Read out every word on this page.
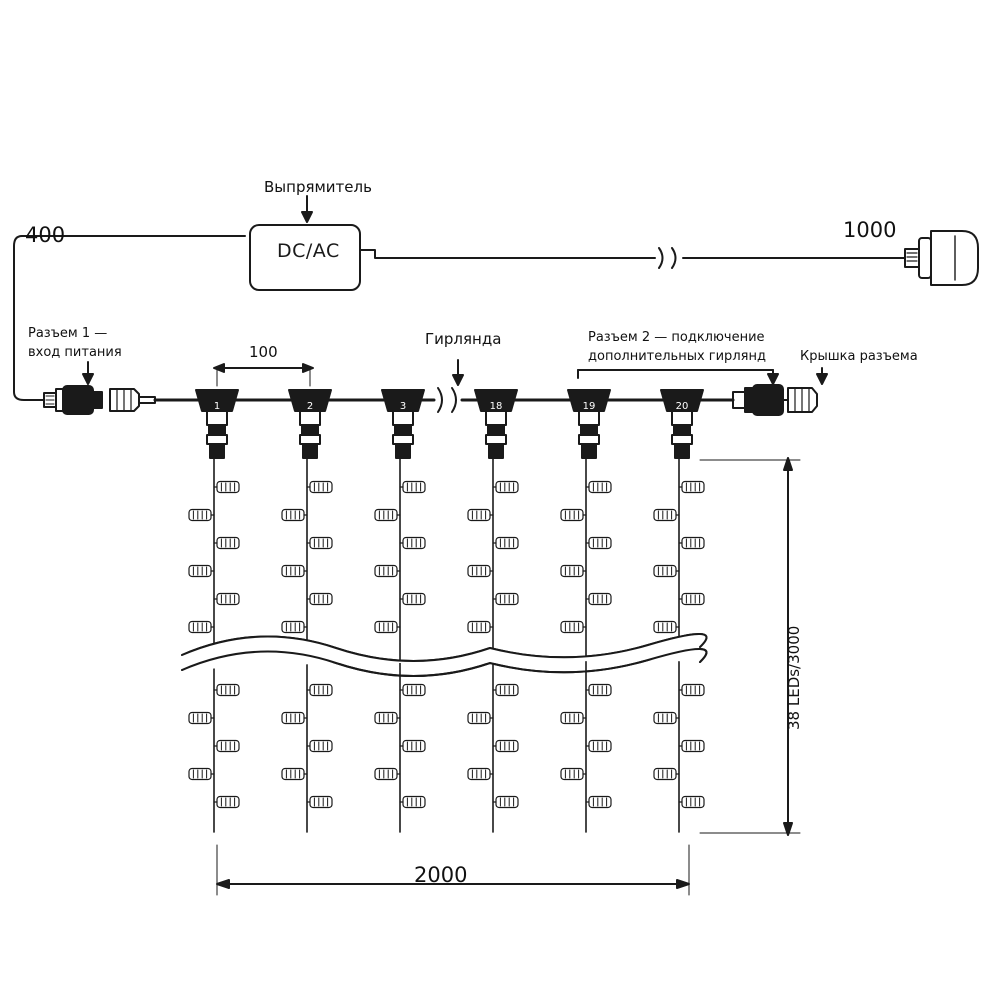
Выпрямитель
DC/AC
400	1000
Разъем 1 —
вход питания
Гирлянда	Разъем 2 — подключение
дополнительных гирлянд	Крышка разъема
100
38 LEDs/3000
2000
1	2	3	18	19	20
